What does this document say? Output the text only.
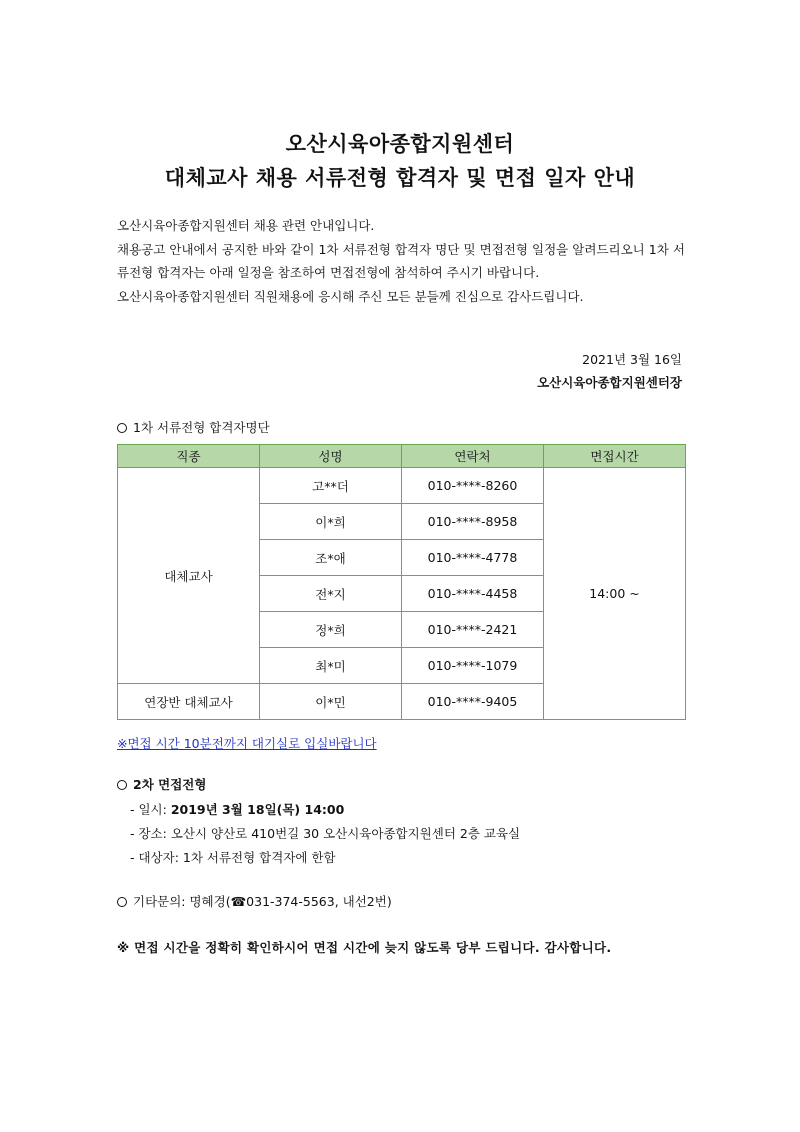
오산시육아종합지원센터
대체교사 채용 서류전형 합격자 및 면접 일자 안내

오산시육아종합지원센터 채용 관련 안내입니다.

채용공고 안내에서 공지한 바와 같이 1차 서류전형 합격자 명단 및 면접전형 일정을 알려드리오니 1차 서류전형 합격자는 아래 일정을 참조하여 면접전형에 참석하여 주시기 바랍니다.

오산시육아종합지원센터 직원채용에 응시해 주신 모든 분들께 진심으로 감사드립니다.

2021년 3월 16일
오산시육아종합지원센터장
1차 서류전형 합격자명단
직종	성명	연락처	면접시간
대체교사	고**더	010-****-8260	14:00 ~
	이*희	010-****-8958	
	조*애	010-****-4778	
	전*지	010-****-4458	
	정*희	010-****-2421	
	최*미	010-****-1079	
연장반 대체교사	이*민	010-****-9405	
※면접 시간 10분전까지 대기실로 입실바랍니다
2차 면접전형
- 일시: 2019년 3월 18일(목) 14:00
- 장소: 오산시 양산로 410번길 30 오산시육아종합지원센터 2층 교육실
- 대상자: 1차 서류전형 합격자에 한함
기타문의: 명혜경(☎031-374-5563, 내선2번)
※ 면접 시간을 정확히 확인하시어 면접 시간에 늦지 않도록 당부 드립니다. 감사합니다.
